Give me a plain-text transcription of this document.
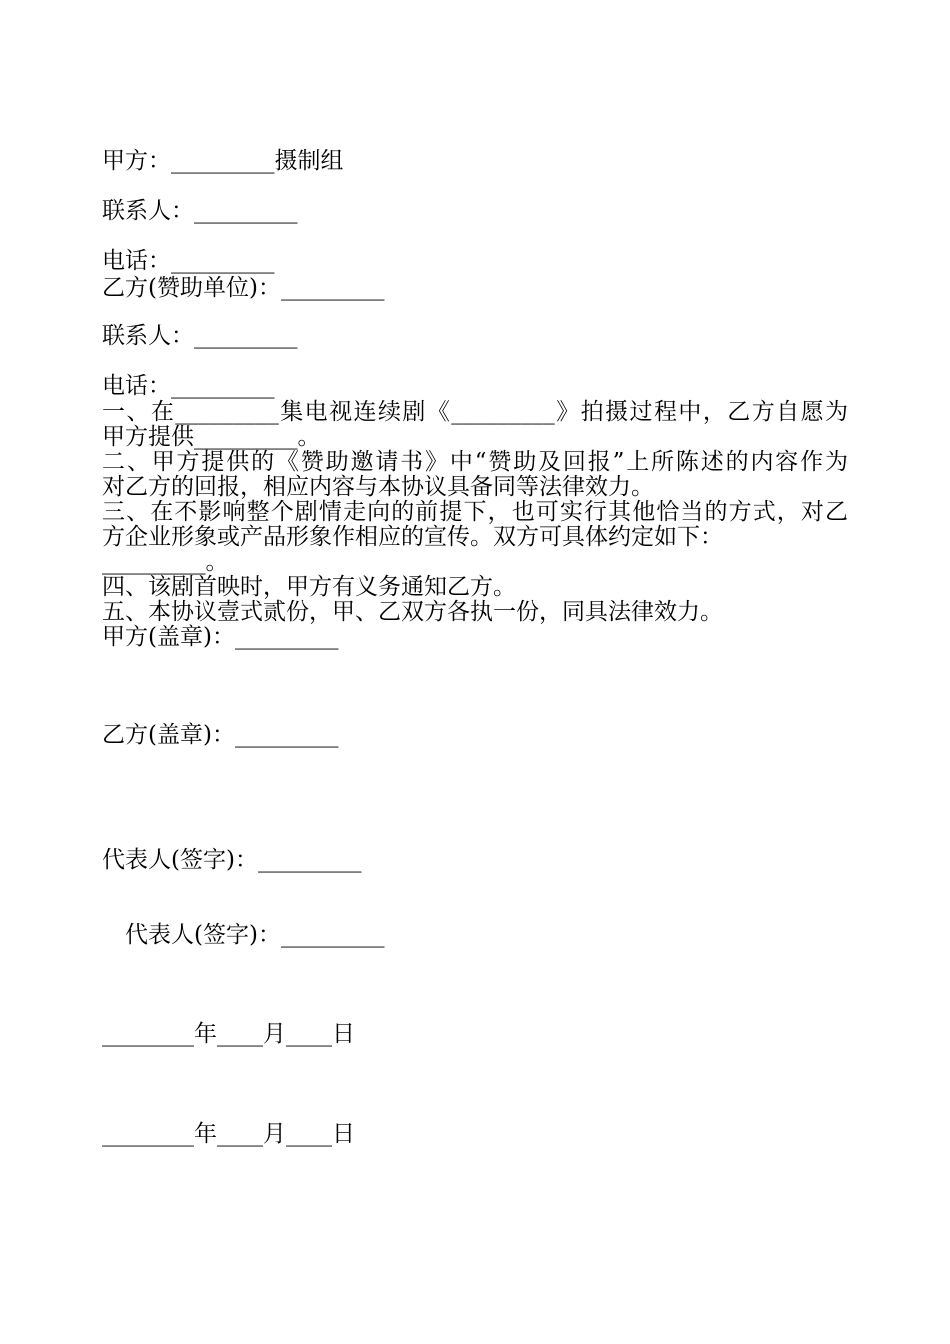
甲方：_________摄制组
联系人：_________
电话：_________
乙方(赞助单位)：_________
联系人：_________
电话：_________
一、在_________集电视连续剧《_________》拍摄过程中，乙方自愿为
甲方提供_________。
二、甲方提供的《赞助邀请书》中“赞助及回报”上所陈述的内容作为
对乙方的回报，相应内容与本协议具备同等法律效力。
三、在不影响整个剧情走向的前提下，也可实行其他恰当的方式，对乙
方企业形象或产品形象作相应的宣传。双方可具体约定如下：
_________。
四、该剧首映时，甲方有义务通知乙方。
五、本协议壹式贰份，甲、乙双方各执一份，同具法律效力。
甲方(盖章)：_________
乙方(盖章)：_________
代表人(签字)：_________
代表人(签字)：_________
________年____月____日
________年____月____日
